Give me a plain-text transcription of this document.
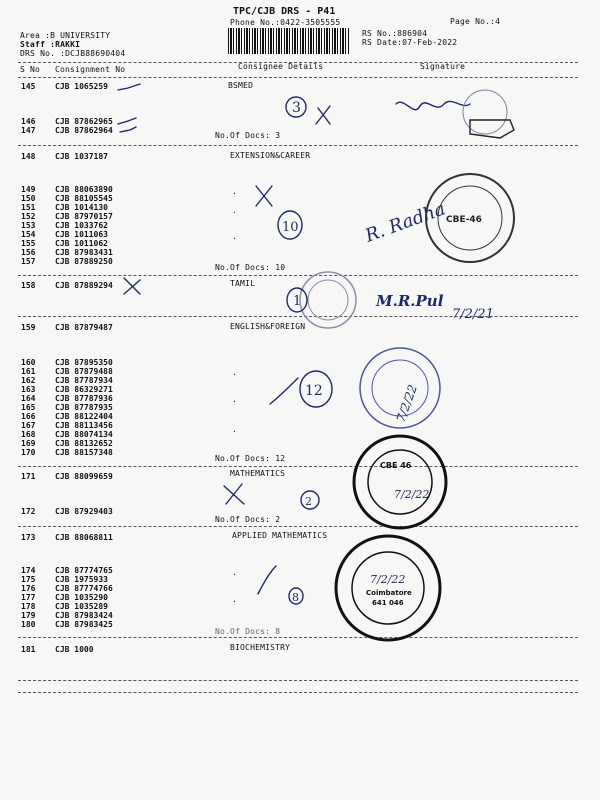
TPC/CJB DRS - P41
Phone No.:0422-3505555	Page No.:4
Area :B UNIVERSITY
Staff :RAKKI
DRS No. :DCJB88690404
RS No.:886904
RS Date:07-Feb-2022
S No Consignment No	Consignee Details	Signature
145 CJB 1065259	BSMED
146 CJB 87862965
147 CJB 87862964
No.Of Docs: 3
148 CJB 1037187	EXTENSION&CAREER
149 CJB 88063890
150 CJB 88105545
151 CJB 1014130
152 CJB 87970157
153 CJB 1033762
154 CJB 1011063
155 CJB 1011062
156 CJB 87983431
157 CJB 87889250
No.Of Docs: 10
158 CJB 87889294	TAMIL
159 CJB 87879487	ENGLISH&FOREIGN
160 CJB 87895350
161 CJB 87879488
162 CJB 87787934
163 CJB 86329271
164 CJB 87787936
165 CJB 87787935
166 CJB 88122404
167 CJB 88113456
168 CJB 88074134
169 CJB 88132652
170 CJB 88157348
No.Of Docs: 12
171 CJB 88099659	MATHEMATICS
172 CJB 87929403
No.Of Docs: 2
173 CJB 88068811	APPLIED MATHEMATICS
174 CJB 87774765
175 CJB 1975933
176 CJB 87774766
177 CJB 1035290
178 CJB 1035289
179 CJB 87983424
180 CJB 87983425
No.Of Docs: 8
181 CJB 1000	BIOCHEMISTRY
.
.
.
.
.
.
.
.
3
10	R. Radha
CBE-46
1	M.R.Pul
7/2/21
12	7/2/22
2
CBE 46
7/2/22
8
7/2/22
Coimbatore
641 046
